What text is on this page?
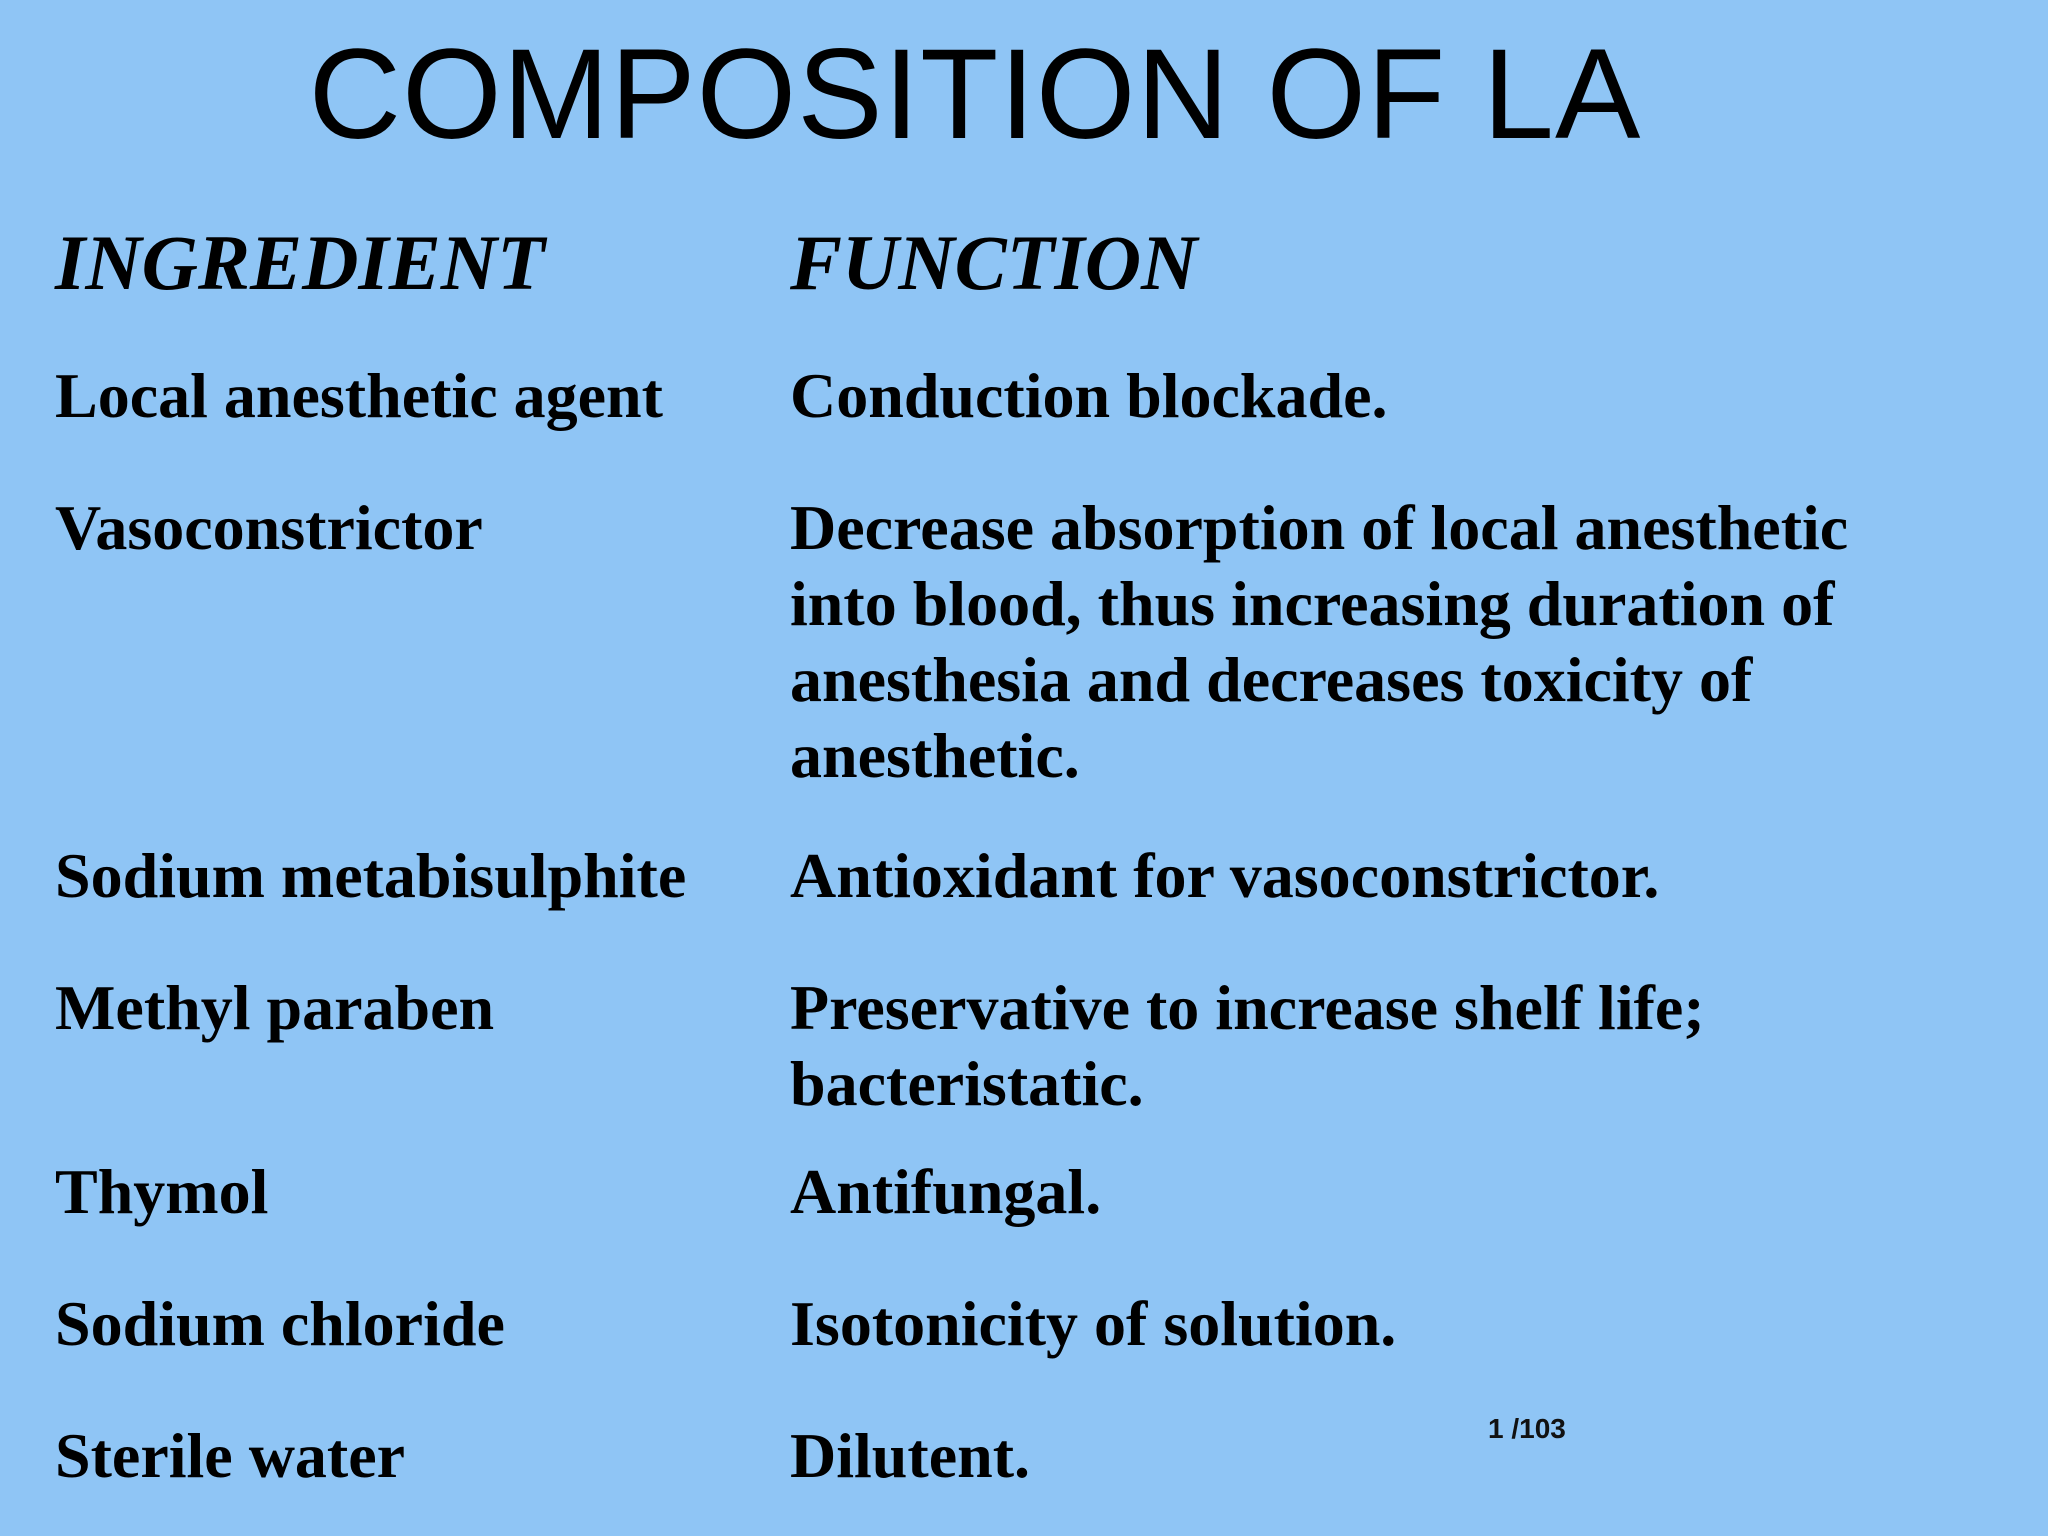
COMPOSITION OF LA
INGREDIENT	FUNCTION
Local anesthetic agent	Conduction blockade.
Vasoconstrictor	Decrease absorption of local anesthetic into blood, thus increasing duration of anesthesia and decreases toxicity of anesthetic.
Sodium metabisulphite	Antioxidant for vasoconstrictor.
Methyl paraben	Preservative to increase shelf life; bacteristatic.
Thymol	Antifungal.
Sodium chloride	Isotonicity of solution.
Sterile water	Dilutent.	1 /103
